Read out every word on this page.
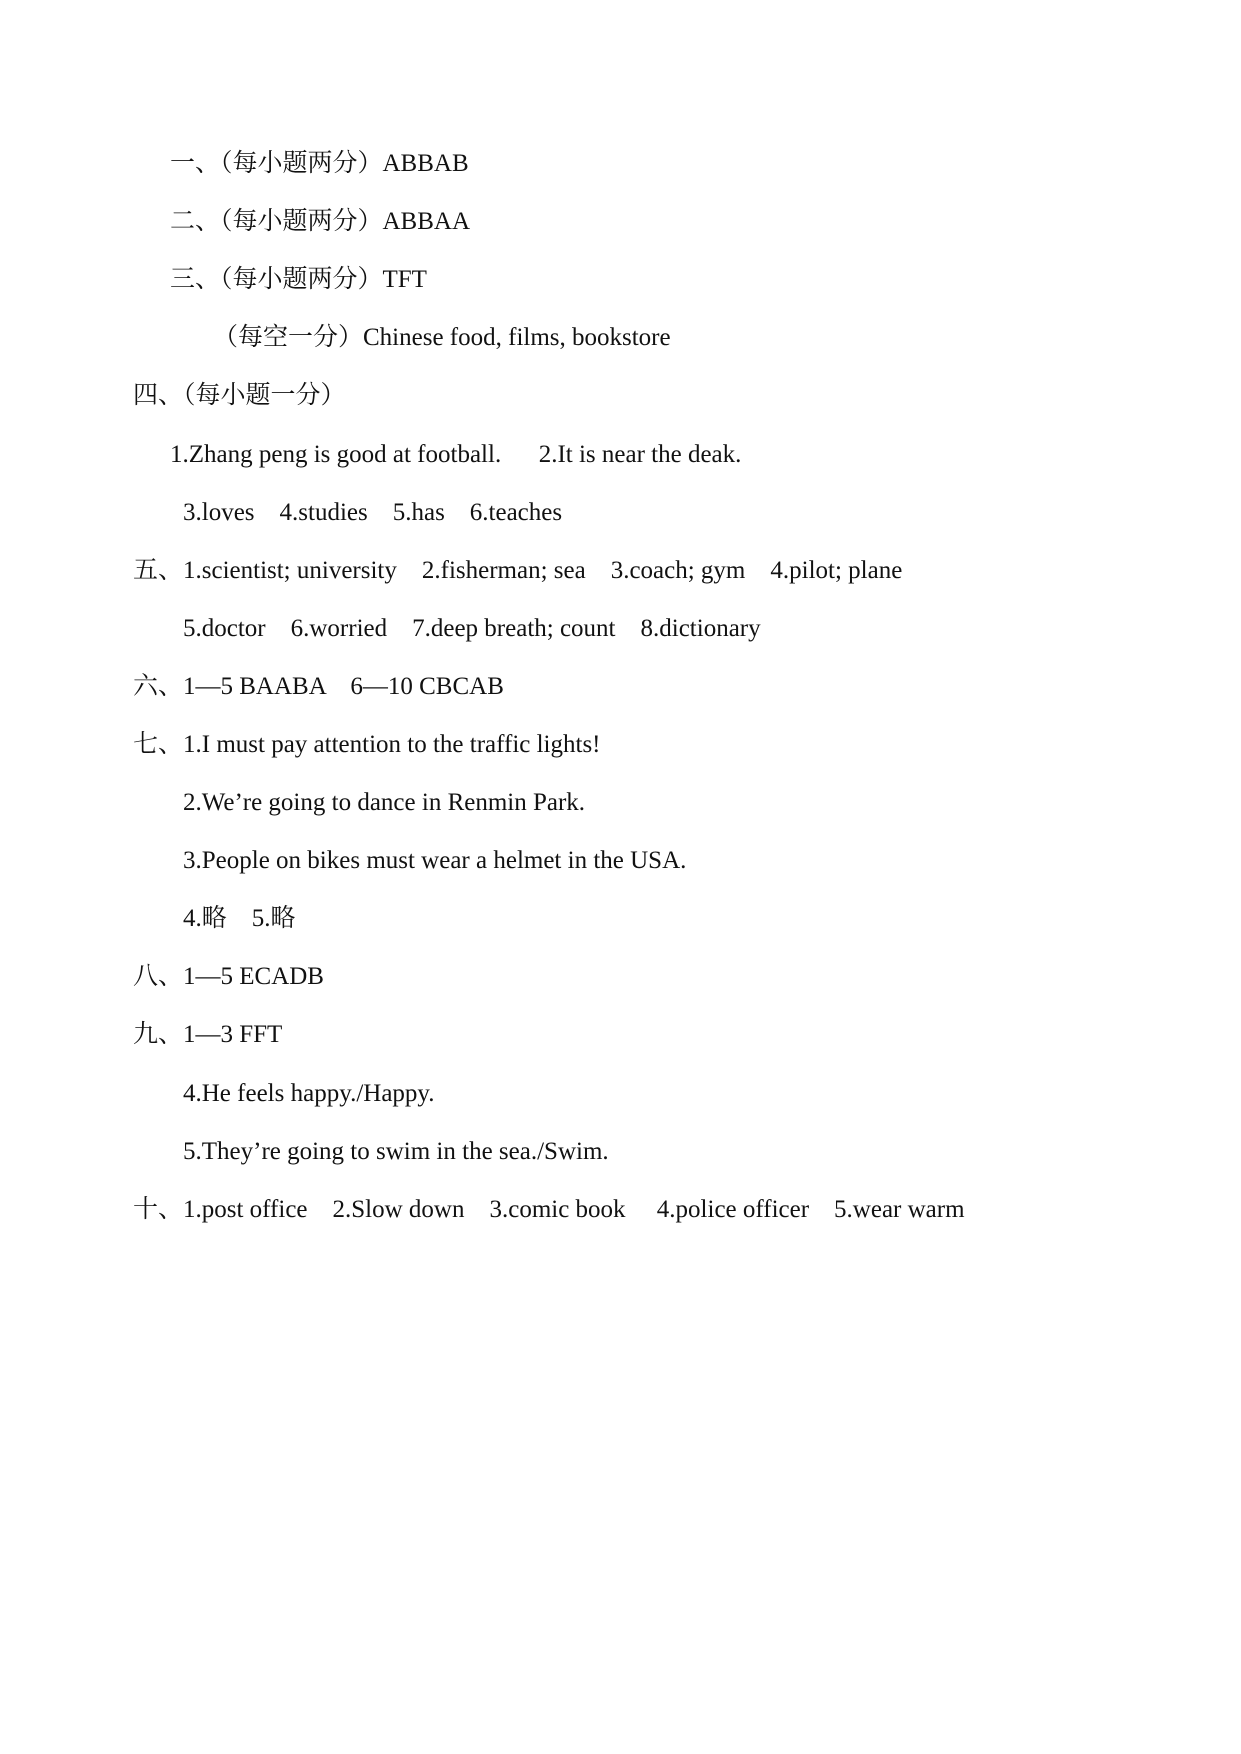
一、（每小题两分）ABBAB
二、（每小题两分）ABBAA
三、（每小题两分）TFT
（每空一分）Chinese food, films, bookstore
四、（每小题一分）
1.Zhang peng is good at football.      2.It is near the deak.
3.loves    4.studies    5.has    6.teaches
五、1.scientist; university    2.fisherman; sea    3.coach; gym    4.pilot; plane
5.doctor    6.worried    7.deep breath; count    8.dictionary
六、1—5 BAABA    6—10 CBCAB
七、1.I must pay attention to the traffic lights!
2.We’re going to dance in Renmin Park.
3.People on bikes must wear a helmet in the USA.
4.略    5.略
八、1—5 ECADB
九、1—3 FFT
4.He feels happy./Happy.
5.They’re going to swim in the sea./Swim.
十、1.post office    2.Slow down    3.comic book     4.police officer    5.wear warm
